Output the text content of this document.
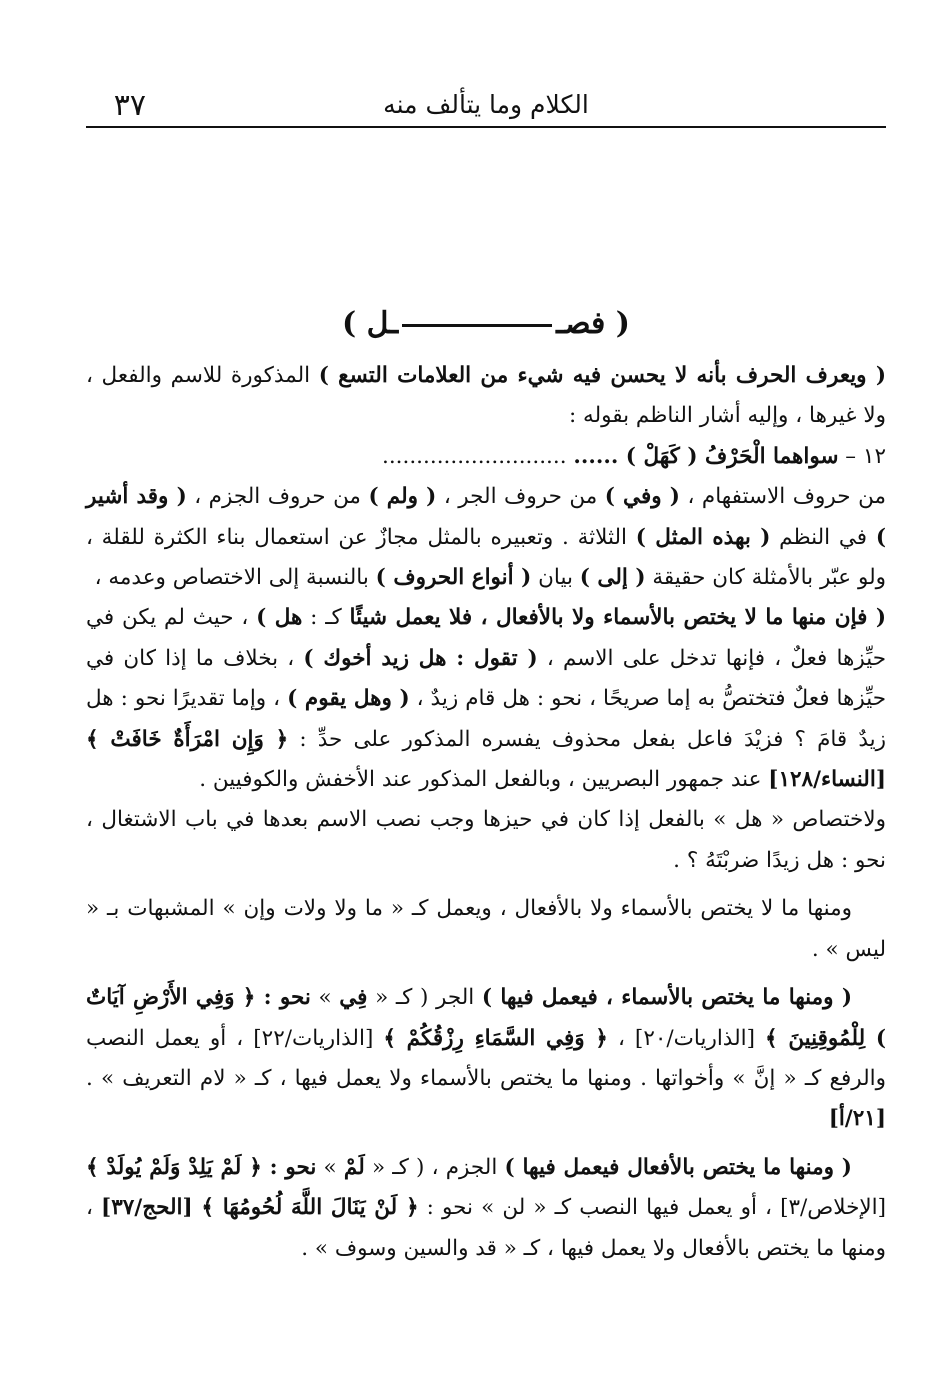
٣٧	الكلام وما يتألف منه
( فصــل )

( ويعرف الحرف بأنه لا يحسن فيه شيء من العلامات التسع ) المذكورة للاسم والفعل ، ولا غيرها ، وإليه أشار الناظم بقوله :

١٢ – سواهما الْحَرْفُ ( كَهَلْ ) ...... ...........................

من حروف الاستفهام ، ( وفي ) من حروف الجر ، ( ولم ) من حروف الجزم ، ( وقد أشير ) في النظم ( بهذه المثل ) الثلاثة . وتعبيره بالمثل مجازٌ عن استعمال بناء الكثرة للقلة ، ولو عبّر بالأمثلة كان حقيقة ( إلى ) بيان ( أنواع الحروف ) بالنسبة إلى الاختصاص وعدمه ،

( فإن منها ما لا يختص بالأسماء ولا بالأفعال ، فلا يعمل شيئًا كـ : هل ) ، حيث لم يكن في حيِّزها فعلٌ ، فإنها تدخل على الاسم ، ( تقول : هل زيد أخوك ) ، بخلاف ما إذا كان في حيِّزها فعلٌ فتختصُّ به إما صريحًا ، نحو : هل قام زيدٌ ، ( وهل يقوم ) ، وإما تقديرًا نحو : هل زيدٌ قامَ ؟ فزيْدَ فاعل بفعل محذوف يفسره المذكور على حدِّ : ﴿ وَإِن امْرَأَةٌ خَافَتْ ﴾ [النساء/١٢٨] عند جمهور البصريين ، وبالفعل المذكور عند الأخفش والكوفيين .

ولاختصاص « هل » بالفعل إذا كان في حيزها وجب نصب الاسم بعدها في باب الاشتغال ، نحو : هل زيدًا ضربْتَهُ ؟ .

ومنها ما لا يختص بالأسماء ولا بالأفعال ، ويعمل كـ « ما ولا ولات وإن » المشبهات بـ « ليس » .

( ومنها ما يختص بالأسماء ، فيعمل فيها ) الجر ( كـ « فِي » نحو : ﴿ وَفِي الأَرْضِ آيَاتٌ ) لِلْمُوقِنِينَ ﴾ [الذاريات/٢٠] ، ﴿ وَفِي السَّمَاءِ رِزْقُكُمْ ﴾ [الذاريات/٢٢] ، أو يعمل النصب والرفع كـ « إنَّ » وأخواتها . ومنها ما يختص بالأسماء ولا يعمل فيها ، كـ « لام التعريف » . [٢١/أ]

( ومنها ما يختص بالأفعال فيعمل فيها ) الجزم ، ( كـ « لَمْ » نحو : ﴿ لَمْ يَلِدْ وَلَمْ يُولَدْ ﴾ [الإخلاص/٣] ، أو يعمل فيها النصب كـ « لن » نحو : ﴿ لَنْ يَنَالَ اللَّهَ لُحُومُهَا ﴾ [الحج/٣٧] ، ومنها ما يختص بالأفعال ولا يعمل فيها ، كـ « قد والسين وسوف » .
